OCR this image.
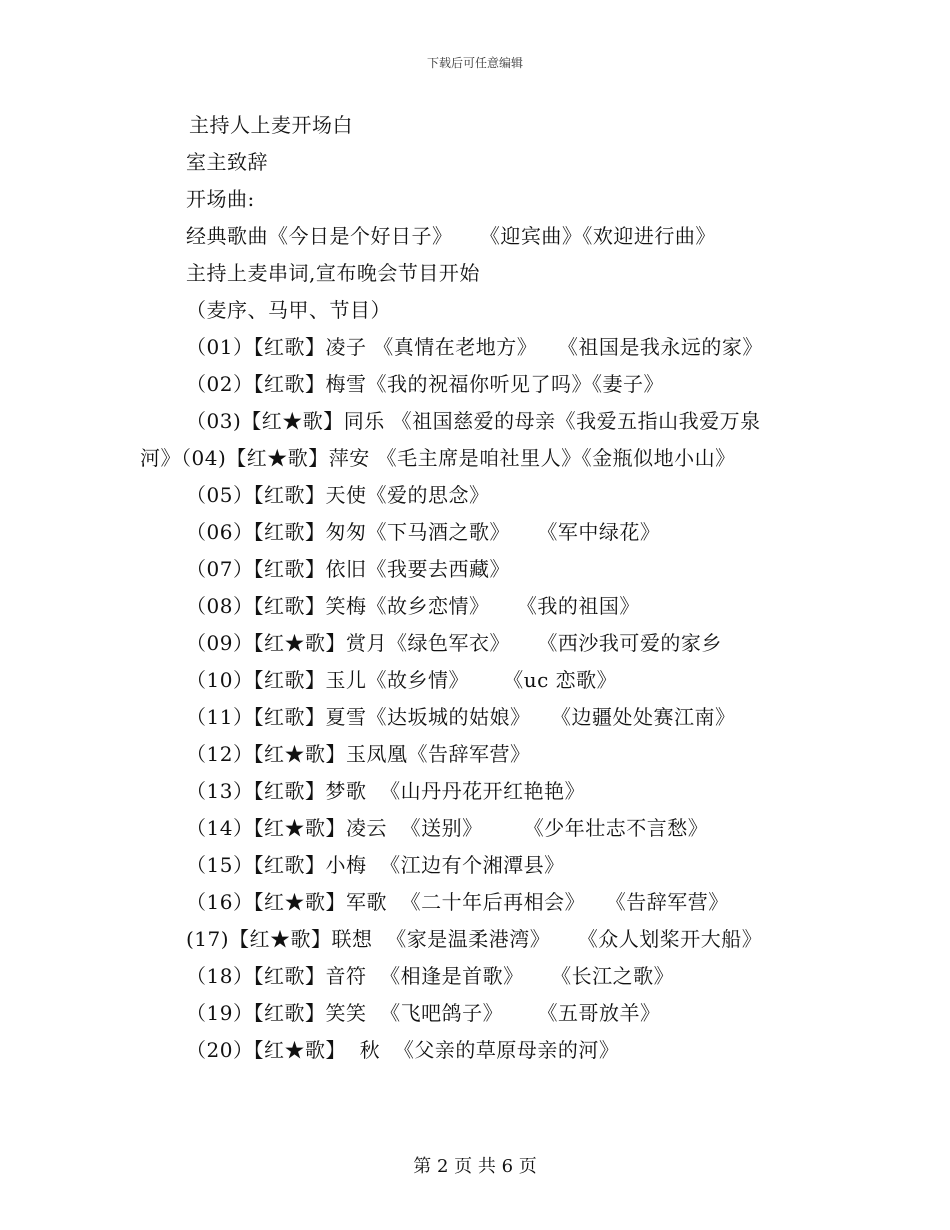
下载后可任意编辑
主持人上麦开场白
室主致辞
开场曲:
经典歌曲《今日是个好日子》    《迎宾曲》《欢迎进行曲》
主持上麦串词,宣布晚会节目开始
（麦序、马甲、节目）
（01）【红歌】凌子 《真情在老地方》   《祖国是我永远的家》
（02）【红歌】梅雪《我的祝福你听见了吗》《妻子》
（03)【红★歌】同乐 《祖国慈爱的母亲《我爱五指山我爱万泉
河》（04)【红★歌】萍安 《毛主席是咱社里人》《金瓶似地小山》
（05）【红歌】天使《爱的思念》
（06）【红歌】匆匆《下马酒之歌》    《军中绿花》
（07）【红歌】依旧《我要去西藏》
（08）【红歌】笑梅《故乡恋情》    《我的祖国》
（09）【红★歌】赏月《绿色军衣》    《西沙我可爱的家乡
（10）【红歌】玉儿《故乡情》     《uc 恋歌》
（11）【红歌】夏雪《达坂城的姑娘》   《边疆处处赛江南》
（12）【红★歌】玉凤凰《告辞军营》
（13）【红歌】梦歌  《山丹丹花开红艳艳》
（14）【红★歌】凌云  《送别》      《少年壮志不言愁》
（15）【红歌】小梅  《江边有个湘潭县》
（16）【红★歌】军歌  《二十年后再相会》   《告辞军营》
(17)【红★歌】联想  《家是温柔港湾》    《众人划桨开大船》
（18）【红歌】音符  《相逢是首歌》    《长江之歌》
（19）【红歌】笑笑  《飞吧鸽子》     《五哥放羊》
（20）【红★歌】  秋  《父亲的草原母亲的河》
第 2 页 共 6 页
